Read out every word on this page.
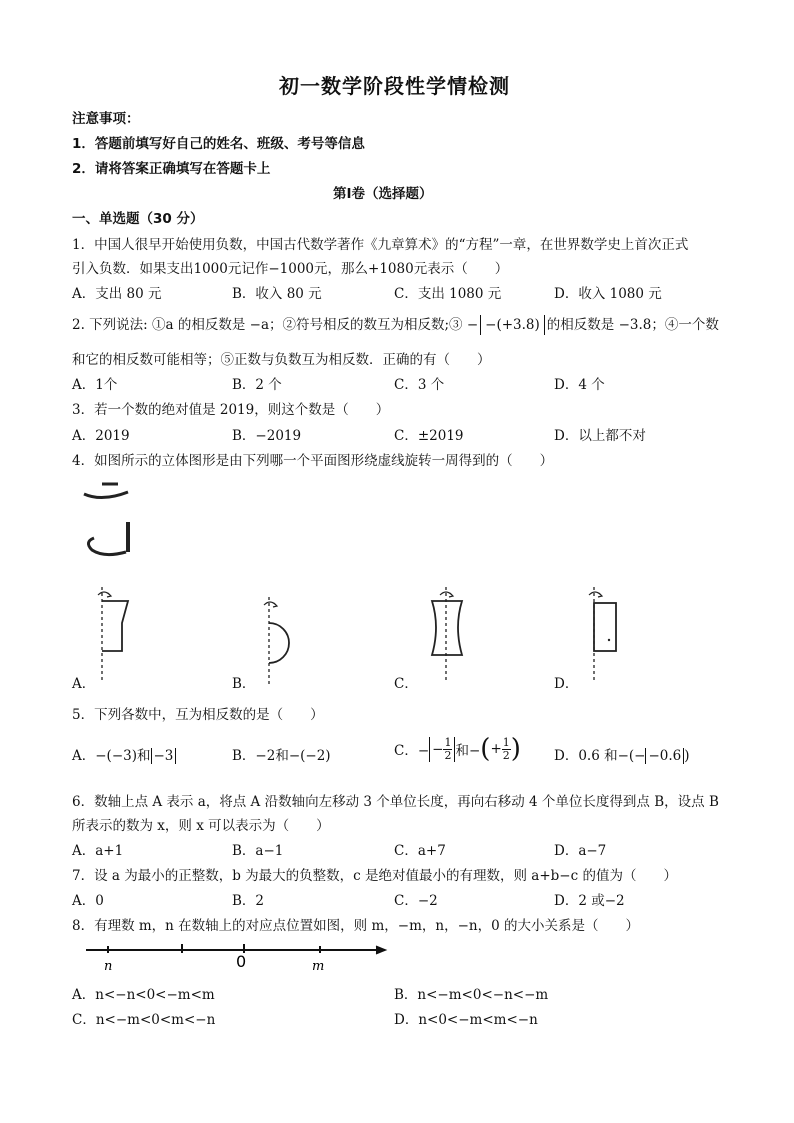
初一数学阶段性学情检测
注意事项：
1．答题前填写好自己的姓名、班级、考号等信息
2．请将答案正确填写在答题卡上
第I卷（选择题）
一、单选题（30 分）
1．中国人很早开始使用负数，中国古代数学著作《九章算术》的“方程”一章，在世界数学史上首次正式
引入负数．如果支出1000元记作−1000元，那么+1080元表示（　　）
A．支出 80 元	B．收入 80 元	C．支出 1080 元	D．收入 1080 元
2. 下列说法: ①a 的相反数是 −a；②符号相反的数互为相反数;③ − −(+3.8) 的相反数是 −3.8；④一个数
和它的相反数可能相等；⑤正数与负数互为相反数．正确的有（　　）
A．1个	B．2 个	C．3 个	D．4 个
3．若一个数的绝对值是 2019，则这个数是（　　）
A．2019	B．−2019	C．±2019	D．以上都不对
4．如图所示的立体图形是由下列哪一个平面图形绕虚线旋转一周得到的（　　）
A．	B．	C．	D．
5．下列各数中，互为相反数的是（　　）
A．−(−3)和 −3	B．−2和−(−2)	C．− − $\frac{1}{2}$ 和−(+ $\frac{1}{2}$ ) D．0.6 和−(− −0.6 )
6．数轴上点 A 表示 a，将点 A 沿数轴向左移动 3 个单位长度，再向右移动 4 个单位长度得到点 B，设点 B
所表示的数为 x，则 x 可以表示为（　　）
A．a+1	B．a−1	C．a+7	D．a−7
7．设 a 为最小的正整数，b 为最大的负整数，c 是绝对值最小的有理数，则 a+b−c 的值为（　　）
A．0	B．2	C．−2	D．2 或−2
8．有理数 m，n 在数轴上的对应点位置如图，则 m，−m，n，−n，0 的大小关系是（　　）
n	0	m
A．n<−n<0<−m<m	B．n<−m<0<−n<−m
C．n<−m<0<m<−n	D．n<0<−m<m<−n
